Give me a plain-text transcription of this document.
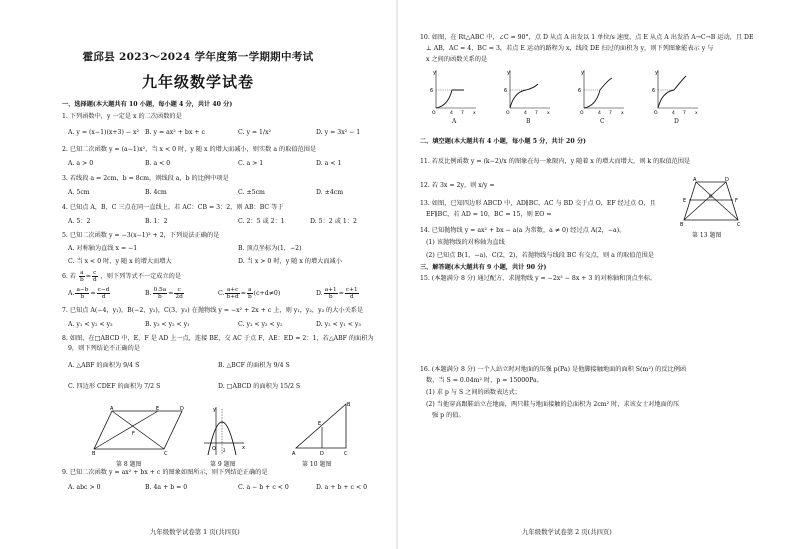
霍邱县 2023～2024 学年度第一学期期中考试
九年级数学试卷
一、选择题(本大题共有 10 小题，每小题 4 分，共计 40 分)
1. 下列函数中，y 一定是 x 的二次函数的是
A. y = (x−1)(x+3) − x² B. y = ax² + bx + c	C. y = 1/x²	D. y = 3x² − 1
2. 已知二次函数 y = (a−1)x²，当 x < 0 时，y 随 x 的增大而减小，则实数 a 的取值范围是
A. a > 0	B. a < 0	C. a > 1	D. a < 1
3. 若线段 a = 2cm，b = 8cm，则线段 a，b 的比例中项是
A. 5cm	B. 4cm	C. ±5cm	D. ±4cm
4. 已知点 A，B，C 三点在同一直线上，若 AC：CB = 3：2，则 AB：BC 等于
A. 5：2	B. 1：2	C. 2：5 或 2：1	D. 5：2 或 1：2
5. 已知二次函数 y = −3(x−1)² + 2，下列说法正确的是
A. 对称轴为直线 x = −1	B. 顶点坐标为(1，−2)
C. 当 x < 0 时，y 随 x 的增大而增大	D. 当 x > 0 时，y 随 x 的增大而减小
6. 若 $\frac{a}{b} = \frac{c}{d}$ ，则下列等式不一定成立的是
A. $\frac{a-b}{b} = \frac{c-d}{d}$	B. $\frac{0.5a}{b} = \frac{c}{2d}$	C. $\frac{a+c}{b+d} = \frac{a}{b} (c+d\ne 0)$	D. $\frac{a+1}{b} = \frac{c+1}{d}$
7. 已知点 A(−4，y₁)，B(−2，y₂)，C(3，y₃) 在抛物线 y = −x² + 2x + c 上，则 y₁，y₂，y₃ 的大小关系是
A. y₁ < y₂ < y₃	B. y₃ < y₂ < y₁	C. y₁ < y₃ < y₂	D. y₂ < y₁ < y₃
8. 如图，在□ABCD 中，E，F 是 AD 上一点，连接 BE，交 AC 于点 F，AE：ED = 2：1，若△ABF 的面积为
9，则下列结论不正确的是
A. △ABF 的面积为 9/4 S	B. △BCF 的面积为 9/4 S
C. 四边形 CDEF 的面积为 7/2 S	D. □ABCD 的面积为 15/2 S
A	E	D
B	C
F
第 8 题图
y
x
O 2
第 9 题图
B
A	D	C
E
第 10 题图
9. 已知二次函数 y = ax² + bx + c 的图象如图所示，则下列结论正确的是
A. abc > 0	B. 4a + b = 0	C. a − b + c < 0	D. a + b + c < 0
九年级数学试卷第 1 页(共四页)
10. 如图，在 Rt△ABC 中，∠C = 90°，点 D 从点 A 出发以 1 单位/s 速度，点 E 从点 A 出发沿 A→C→B 运动，且 DE
⊥ AB，AC = 4，BC = 3，若点 E 运动的路程为 x，线段 DE 扫过的面积为 y，则下列图象能表示 y 与
x 之间的函数关系的是
6
y
O	4 7 x
A
6
y
O	4 7 x
B
6
y
O	4 7 x
C
6
y
O	4 7 x
D
二、填空题(本大题共有 4 小题，每小题 5 分，共计 20 分)
11. 若反比例函数 y = (k−2)/x 的图象在每一象限内，y 随着 x 的增大而增大，则 k 的取值范围是
12. 若 3x = 2y，则 x/y =
13. 如图，已知四边形 ABCD 中，AD∥BC，AC 与 BD 交于点 O，EF 经过点 O，且
EF∥BC，若 AD = 10，BC = 15，则 EO =
A	D
B	C
E	F
O
第 13 题图
14. 已知抛物线 y = ax² + bx − a(a 为常数，a ≠ 0) 经过点 A(2，−a)。
(1) 该抛物线的对称轴为直线
(2) 已知点 B(1，−a)，C(2，2)，若抛物线与线段 BC 有交点，则 a 的取值范围是
三、解答题(本大题共有 9 小题，共计 90 分)
15. (本题满分 8 分) 通过配方，求抛物线 y = −2x² − 8x + 3 的对称轴和顶点坐标。
16. (本题满分 8 分) 一个人站立时对地面的压强 p(Pa) 是他脚接触地面的面积 S(m²) 的反比例函
数，当 S = 0.04m² 时，p = 15000Pa。
(1) 求 p 与 S 之间的函数表达式；
(2) 当他穿高跟鞋站立在地面，两只鞋与地面接触的总面积为 2cm² 时，求该女士对地面的压
强 p 的值。
九年级数学试卷第 2 页(共四页)
